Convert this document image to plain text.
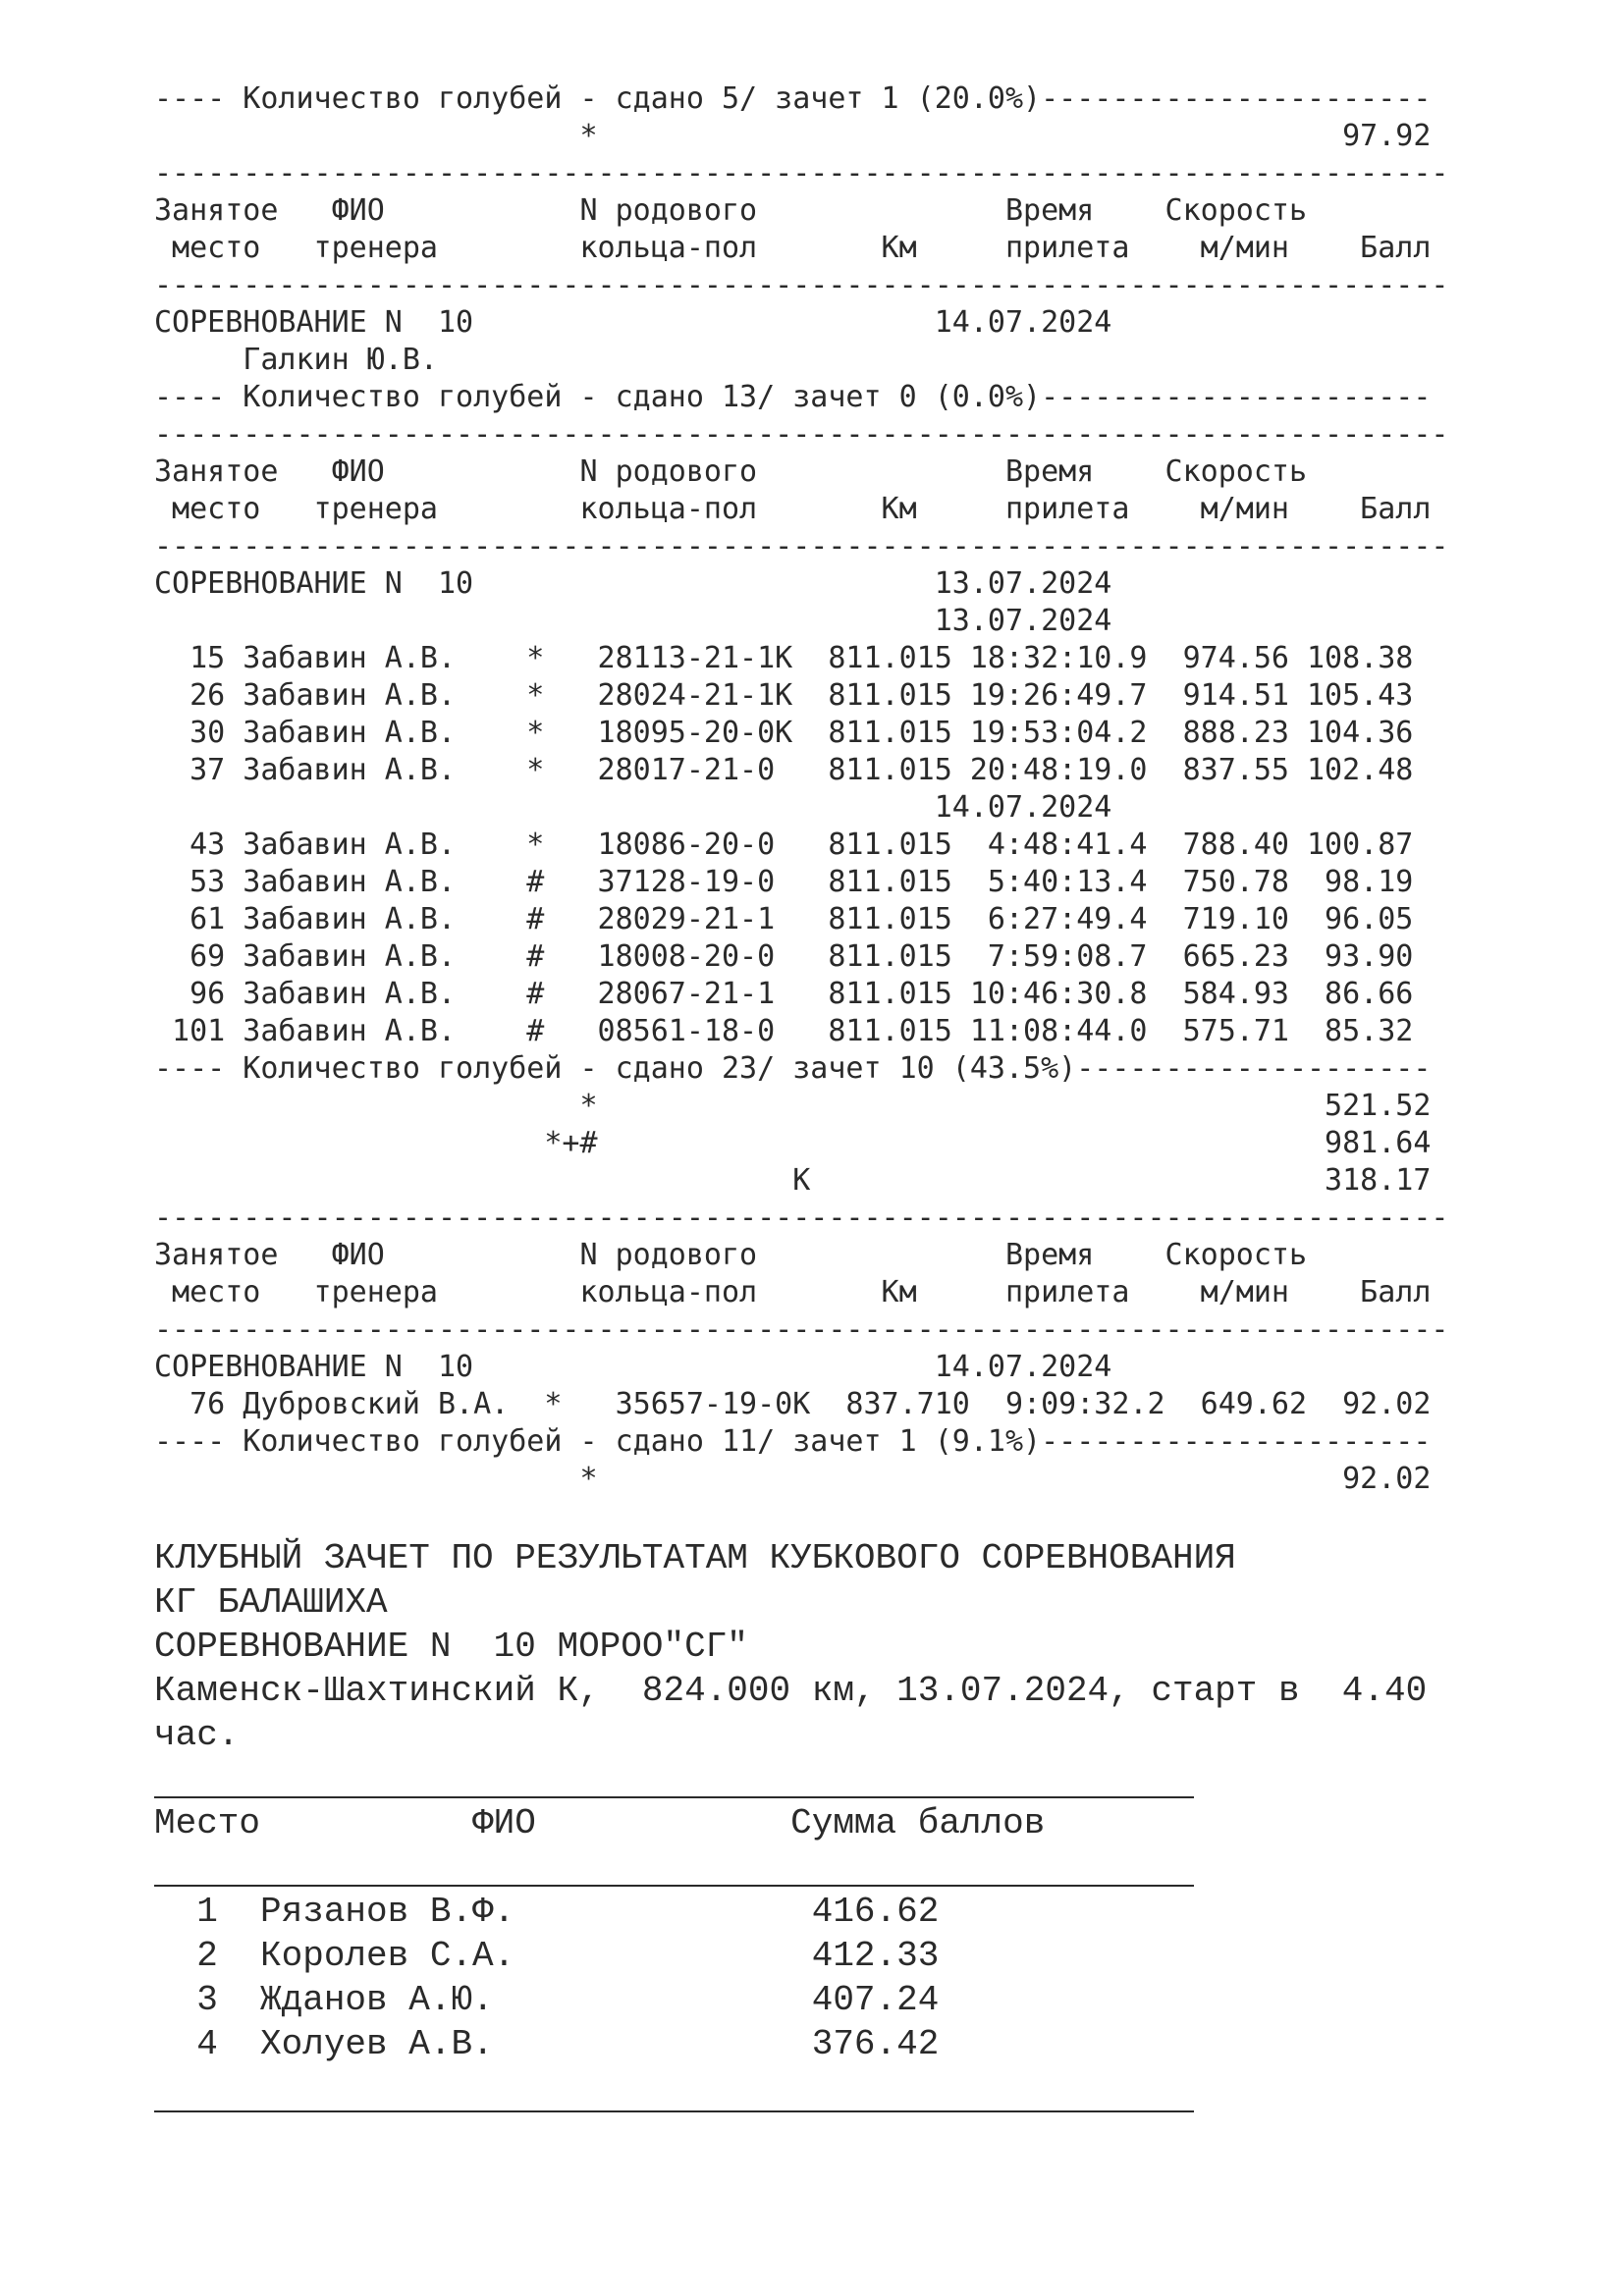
---- Количество голубей - сдано 5/ зачет 1 (20.0%)----------------------
*                                          97.92
-------------------------------------------------------------------------
Занятое   ФИО           N родового              Время    Скорость
место   тренера        кольца-пол       Км     прилета    м/мин    Балл
-------------------------------------------------------------------------
СОРЕВНОВАНИЕ N  10                          14.07.2024
Галкин Ю.В.
---- Количество голубей - сдано 13/ зачет 0 (0.0%)----------------------
-------------------------------------------------------------------------
Занятое   ФИО           N родового              Время    Скорость
место   тренера        кольца-пол       Км     прилета    м/мин    Балл
-------------------------------------------------------------------------
СОРЕВНОВАНИЕ N  10                          13.07.2024
13.07.2024
15 Забавин А.В.    *   28113-21-1К  811.015 18:32:10.9  974.56 108.38
26 Забавин А.В.    *   28024-21-1К  811.015 19:26:49.7  914.51 105.43
30 Забавин А.В.    *   18095-20-0К  811.015 19:53:04.2  888.23 104.36
37 Забавин А.В.    *   28017-21-0   811.015 20:48:19.0  837.55 102.48
14.07.2024
43 Забавин А.В.    *   18086-20-0   811.015  4:48:41.4  788.40 100.87
53 Забавин А.В.    #   37128-19-0   811.015  5:40:13.4  750.78  98.19
61 Забавин А.В.    #   28029-21-1   811.015  6:27:49.4  719.10  96.05
69 Забавин А.В.    #   18008-20-0   811.015  7:59:08.7  665.23  93.90
96 Забавин А.В.    #   28067-21-1   811.015 10:46:30.8  584.93  86.66
101 Забавин А.В.    #   08561-18-0   811.015 11:08:44.0  575.71  85.32
---- Количество голубей - сдано 23/ зачет 10 (43.5%)--------------------
*                                         521.52
*+#                                         981.64
К                             318.17
-------------------------------------------------------------------------
Занятое   ФИО           N родового              Время    Скорость
место   тренера        кольца-пол       Км     прилета    м/мин    Балл
-------------------------------------------------------------------------
СОРЕВНОВАНИЕ N  10                          14.07.2024
76 Дубровский В.А.  *   35657-19-0К  837.710  9:09:32.2  649.62  92.02
---- Количество голубей - сдано 11/ зачет 1 (9.1%)----------------------
*                                          92.02
КЛУБНЫЙ ЗАЧЕТ ПО РЕЗУЛЬТАТАМ КУБКОВОГО СОРЕВНОВАНИЯ
КГ БАЛАШИХА
СОРЕВНОВАНИЕ N  10 МОРОО"СГ"
Каменск-Шахтинский К,  824.000 км, 13.07.2024, старт в  4.40
час.
Место          ФИО            Сумма баллов
1  Рязанов В.Ф.              416.62
2  Королев С.А.              412.33
3  Жданов А.Ю.               407.24
4  Холуев А.В.               376.42
